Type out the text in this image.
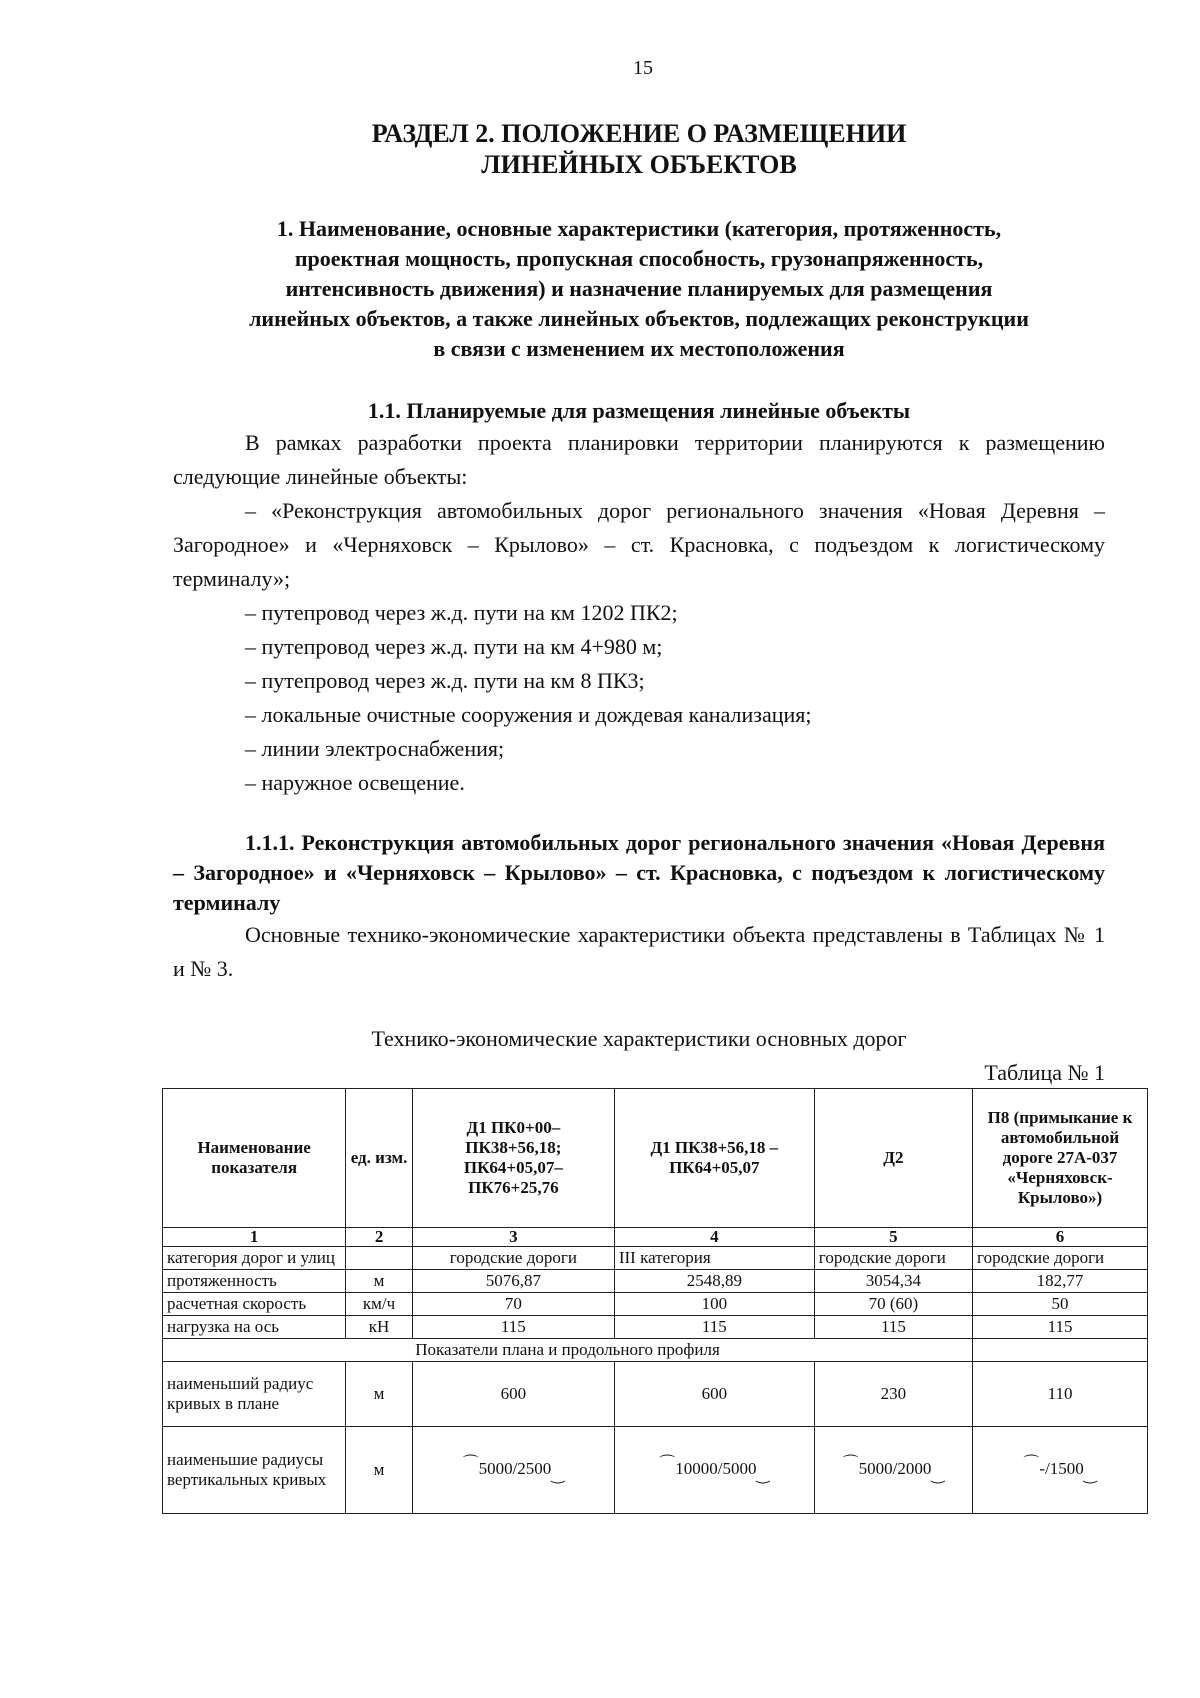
15
РАЗДЕЛ 2. ПОЛОЖЕНИЕ О РАЗМЕЩЕНИИ
ЛИНЕЙНЫХ ОБЪЕКТОВ
1. Наименование, основные характеристики (категория, протяженность,
проектная мощность, пропускная способность, грузонапряженность,
интенсивность движения) и назначение планируемых для размещения
линейных объектов, а также линейных объектов, подлежащих реконструкции
в связи с изменением их местоположения
1.1. Планируемые для размещения линейные объекты

В рамках разработки проекта планировки территории планируются к размещению следующие линейные объекты:

– «Реконструкция автомобильных дорог регионального значения «Новая Деревня – Загородное» и «Черняховск – Крылово» – ст. Красновка, с подъездом к логистическому терминалу»;
– путепровод через ж.д. пути на км 1202 ПК2;
– путепровод через ж.д. пути на км 4+980 м;
– путепровод через ж.д. пути на км 8 ПК3;
– локальные очистные сооружения и дождевая канализация;
– линии электроснабжения;
– наружное освещение.
1.1.1. Реконструкция автомобильных дорог регионального значения «Новая Деревня – Загородное» и «Черняховск – Крылово» – ст. Красновка, с подъездом к логистическому терминалу

Основные технико-экономические характеристики объекта представлены в Таблицах № 1 и № 3.

Технико-экономические характеристики основных дорог
Таблица № 1
Наименование показателя	ед. изм.	Д1 ПК0+00– ПК38+56,18; ПК64+05,07– ПК76+25,76	Д1 ПК38+56,18 – ПК64+05,07	Д2	П8 (примыкание к автомобильной дороге 27А-037 «Черняховск-Крылово»)
1	2	3	4	5	6
категория дорог и улиц		городские дороги	III категория	городские дороги	городские дороги
протяженность	м	5076,87	2548,89	3054,34	182,77
расчетная скорость	км/ч	70	100	70 (60)	50
нагрузка на ось	кН	115	115	115	115
Показатели плана и продольного профиля					
наименьший радиус кривых в плане	м	600	600	230	110
наименьшие радиусы вертикальных кривых	м	⌒5000/2500‿	⌒10000/5000‿	⌒5000/2000‿	⌒-/1500‿
